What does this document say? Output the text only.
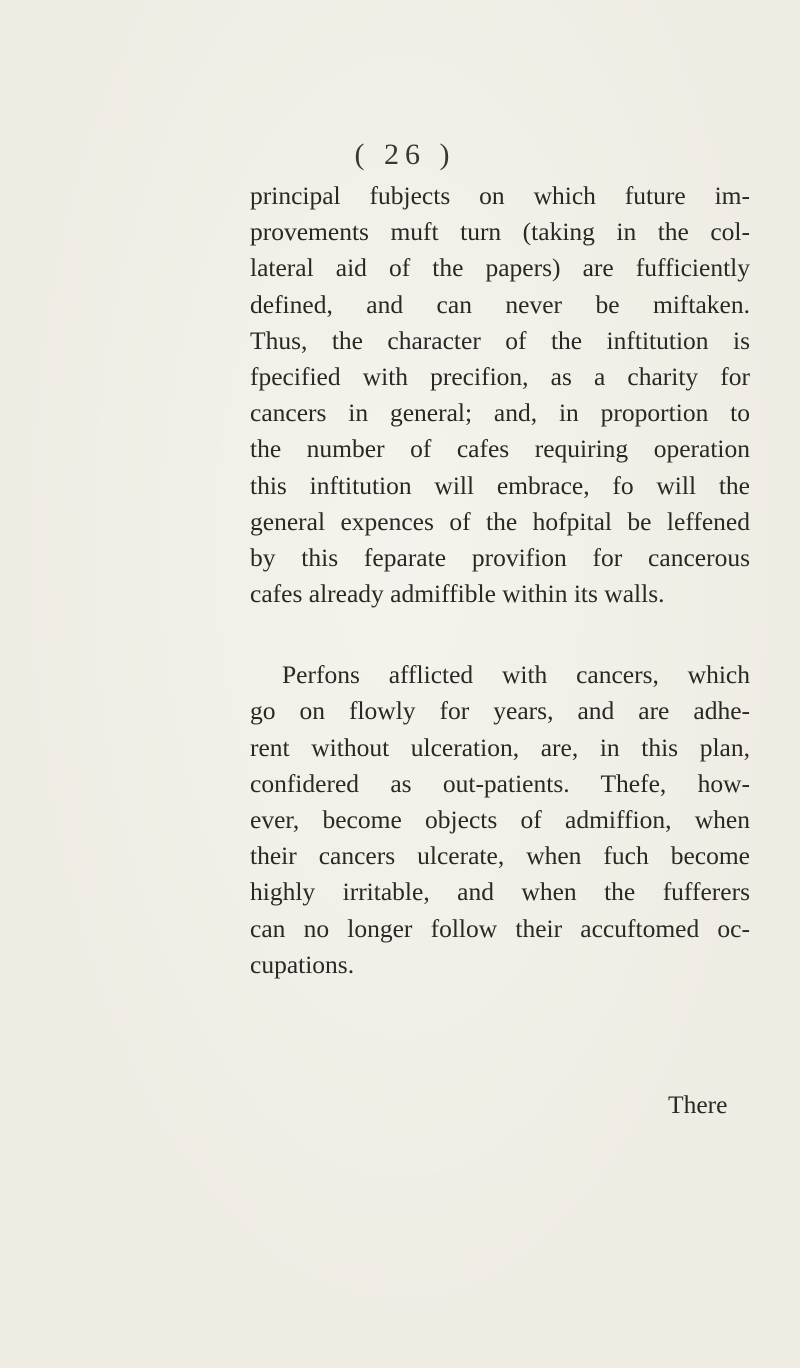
( 26 )
principal fubjects on which future im-
provements muft turn (taking in the col-
lateral aid of the papers) are fufficiently
defined, and can never be miftaken.
Thus, the character of the inftitution is
fpecified with precifion, as a charity for
cancers in general; and, in proportion to
the number of cafes requiring operation
this inftitution will embrace, fo will the
general expences of the hofpital be leffened
by this feparate provifion for cancerous
cafes already admiffible within its walls.
Perfons afflicted with cancers, which
go on flowly for years, and are adhe-
rent without ulceration, are, in this plan,
confidered as out-patients. Thefe, how-
ever, become objects of admiffion, when
their cancers ulcerate, when fuch become
highly irritable, and when the fufferers
can no longer follow their accuftomed oc-
cupations.
There
